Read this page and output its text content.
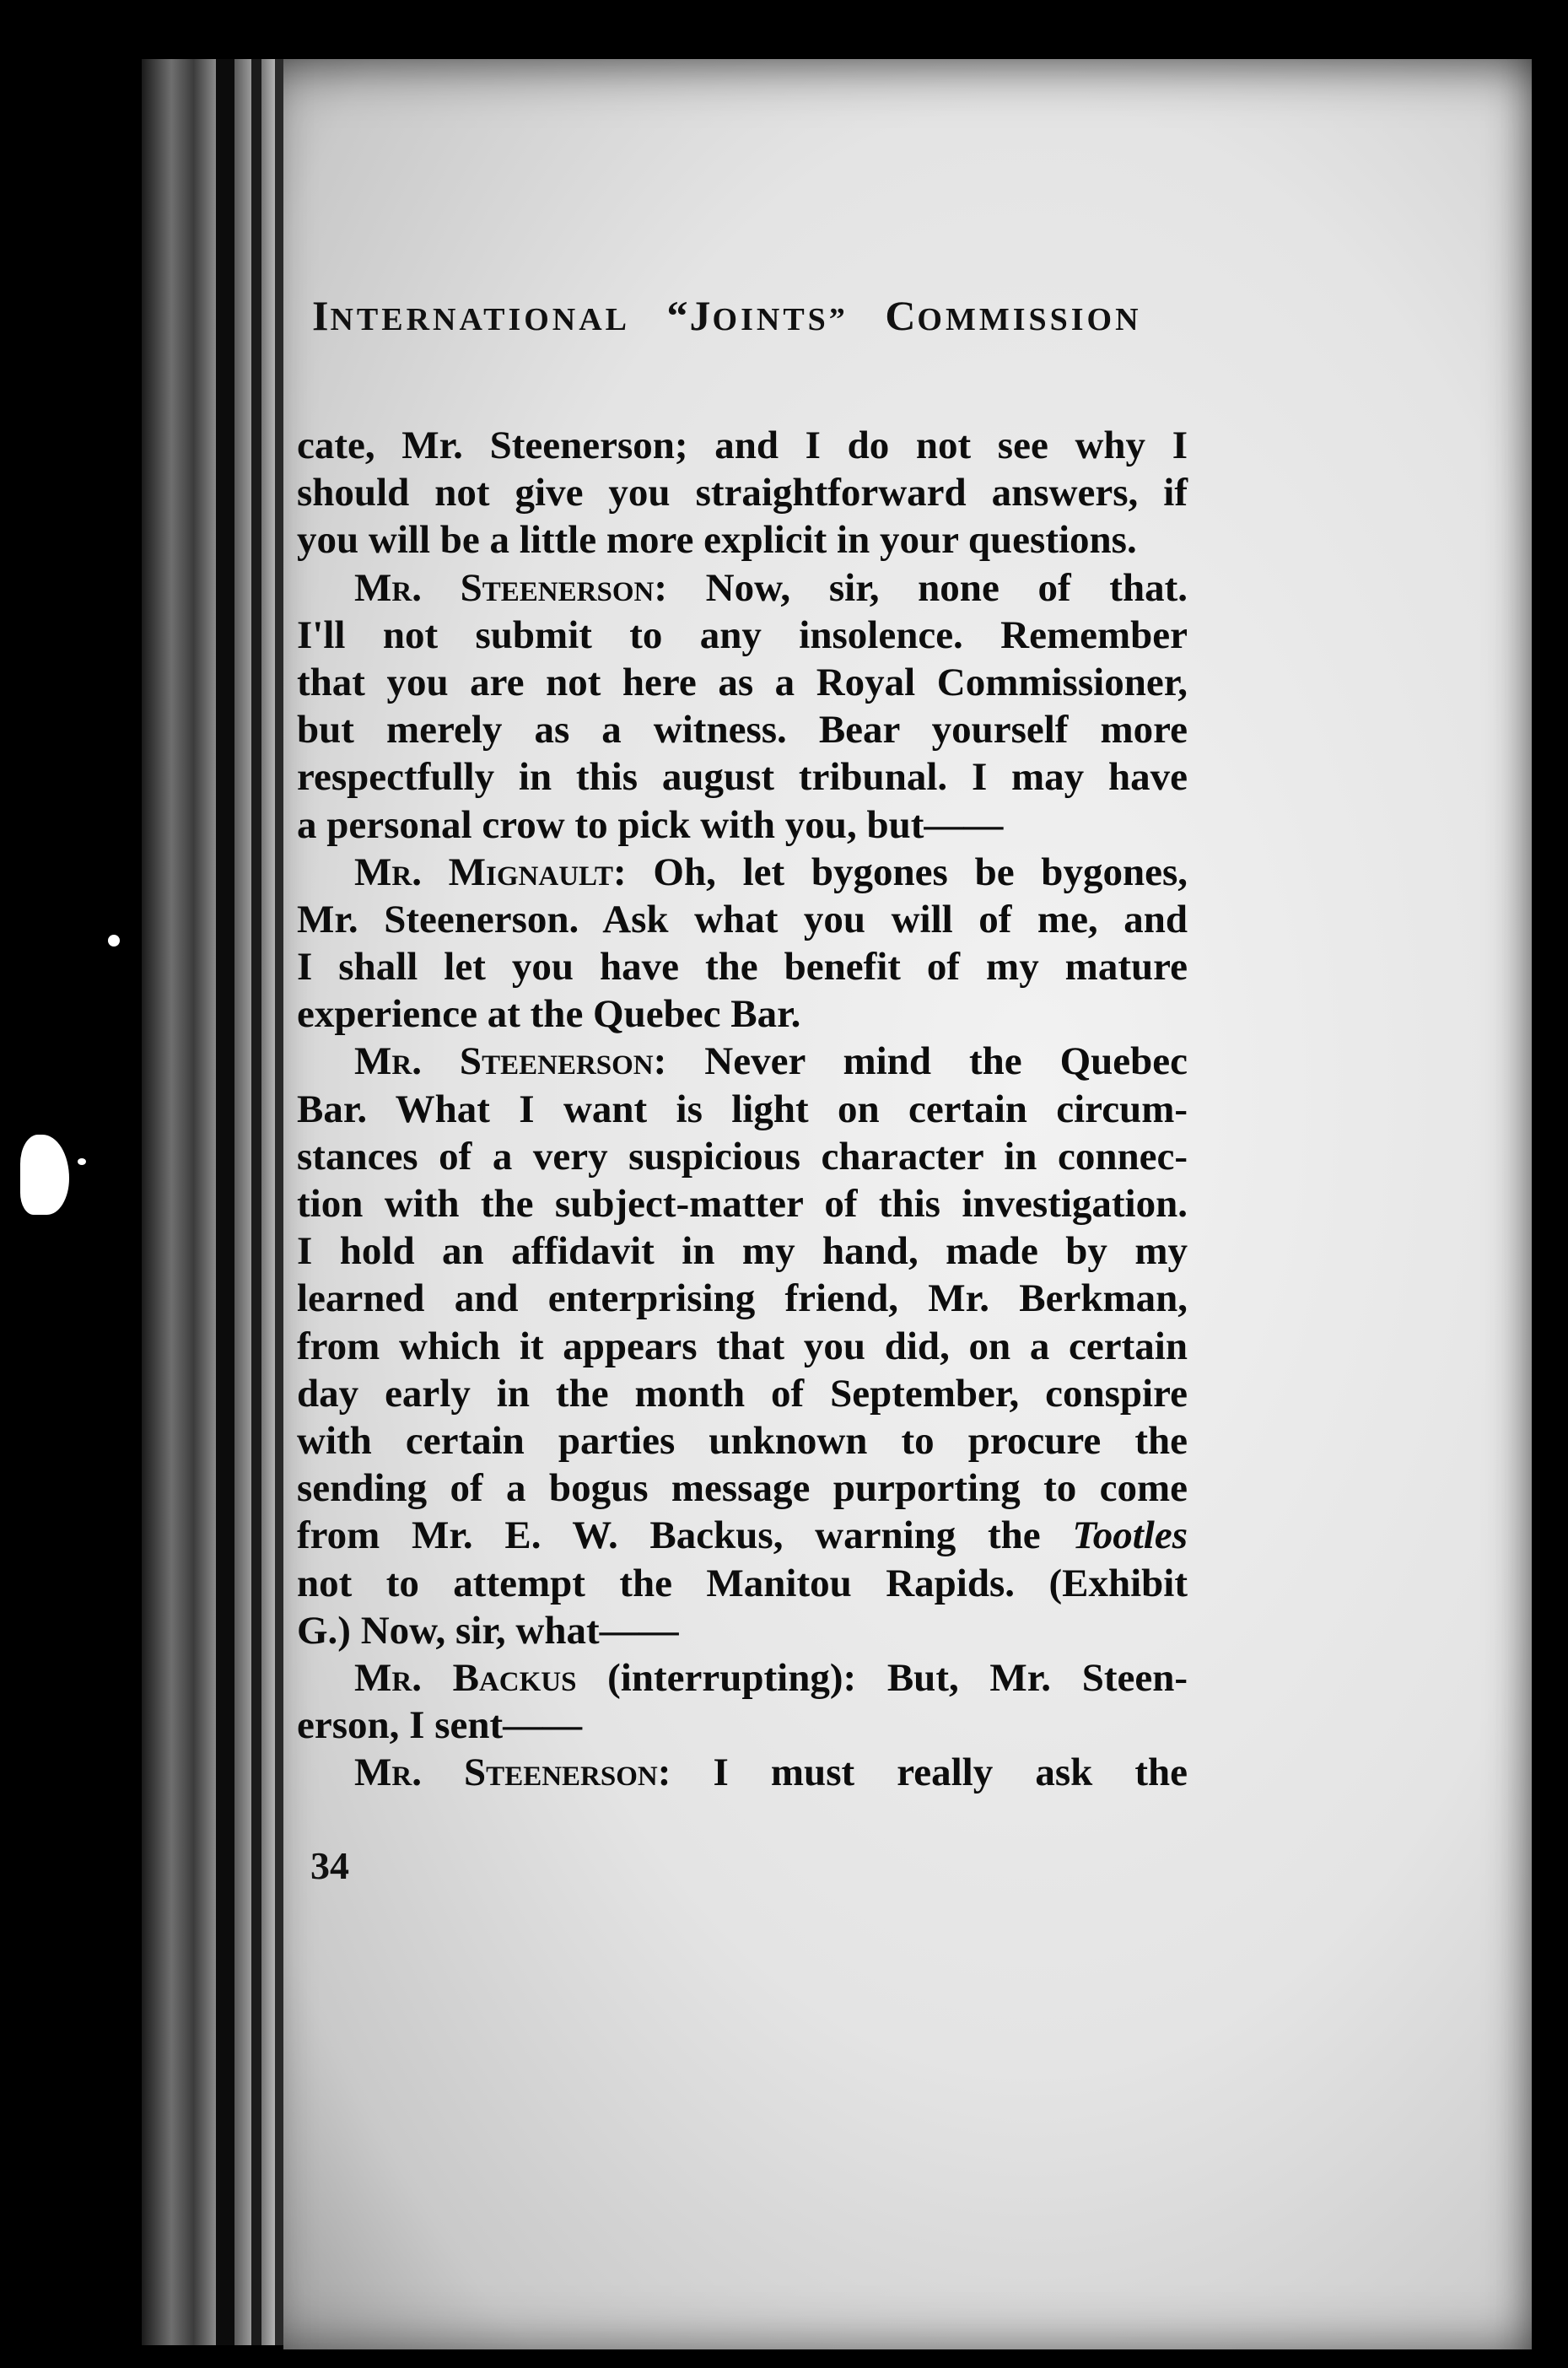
INTERNATIONAL “JOINTS” COMMISSION
cate, Mr. Steenerson; and I do not see why I
should not give you straightforward answers, if
you will be a little more explicit in your questions.
Mr. Steenerson: Now, sir, none of that.
I'll not submit to any insolence. Remember
that you are not here as a Royal Commissioner,
but merely as a witness. Bear yourself more
respectfully in this august tribunal. I may have
a personal crow to pick with you, but——
Mr. Mignault: Oh, let bygones be bygones,
Mr. Steenerson. Ask what you will of me, and
I shall let you have the benefit of my mature
experience at the Quebec Bar.
Mr. Steenerson: Never mind the Quebec
Bar. What I want is light on certain circum-
stances of a very suspicious character in connec-
tion with the subject-matter of this investigation.
I hold an affidavit in my hand, made by my
learned and enterprising friend, Mr. Berkman,
from which it appears that you did, on a certain
day early in the month of September, conspire
with certain parties unknown to procure the
sending of a bogus message purporting to come
from Mr. E. W. Backus, warning the Tootles
not to attempt the Manitou Rapids. (Exhibit
G.) Now, sir, what——
Mr. Backus (interrupting): But, Mr. Steen-
erson, I sent——
Mr. Steenerson: I must really ask the
34
